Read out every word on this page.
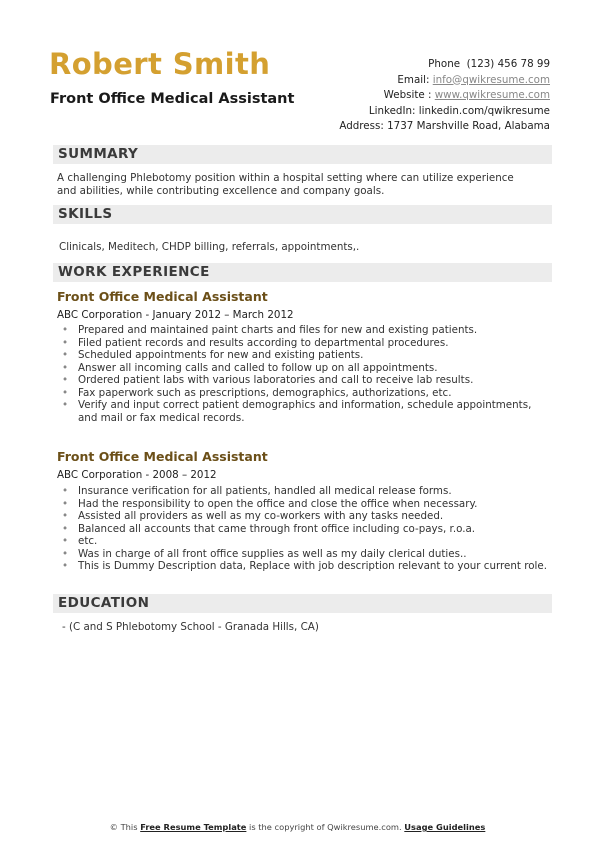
Robert Smith
Front Office Medical Assistant
Phone (123) 456 78 99
Email: info@qwikresume.com
Website : www.qwikresume.com
LinkedIn: linkedin.com/qwikresume
Address: 1737 Marshville Road, Alabama
SUMMARY
A challenging Phlebotomy position within a hospital setting where can utilize experience and abilities, while contributing excellence and company goals.
SKILLS
Clinicals, Meditech, CHDP billing, referrals, appointments,.
WORK EXPERIENCE
Front Office Medical Assistant
ABC Corporation - January 2012 – March 2012
• Prepared and maintained paint charts and files for new and existing patients.
• Filed patient records and results according to departmental procedures.
• Scheduled appointments for new and existing patients.
• Answer all incoming calls and called to follow up on all appointments.
• Ordered patient labs with various laboratories and call to receive lab results.
• Fax paperwork such as prescriptions, demographics, authorizations, etc.
• Verify and input correct patient demographics and information, schedule appointments, and mail or fax medical records.
Front Office Medical Assistant
ABC Corporation - 2008 – 2012
• Insurance verification for all patients, handled all medical release forms.
• Had the responsibility to open the office and close the office when necessary.
• Assisted all providers as well as my co-workers with any tasks needed.
• Balanced all accounts that came through front office including co-pays, r.o.a.
• etc.
• Was in charge of all front office supplies as well as my daily clerical duties..
• This is Dummy Description data, Replace with job description relevant to your current role.
EDUCATION
- (C and S Phlebotomy School - Granada Hills, CA)
© This Free Resume Template is the copyright of Qwikresume.com. Usage Guidelines
